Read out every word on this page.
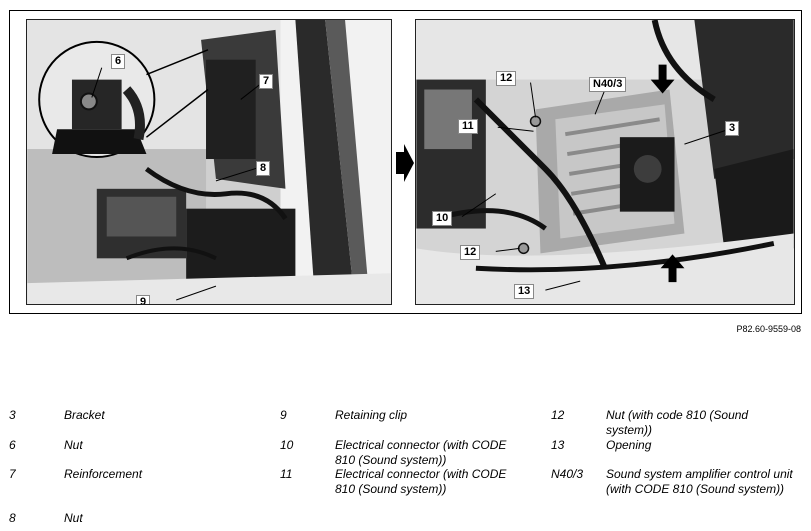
6
7
8
9
12	N40/3
11	3
10
12
13
P82.60-9559-08
3	Bracket
6	Nut
7	Reinforcement
8	Nut
9	Retaining clip
10	Electrical connector (with CODE 810 (Sound system))
11	Electrical connector (with CODE 810 (Sound system))
12	Nut (with code 810 (Sound system))
13	Opening
N40/3	Sound system amplifier control unit (with CODE 810 (Sound system))
